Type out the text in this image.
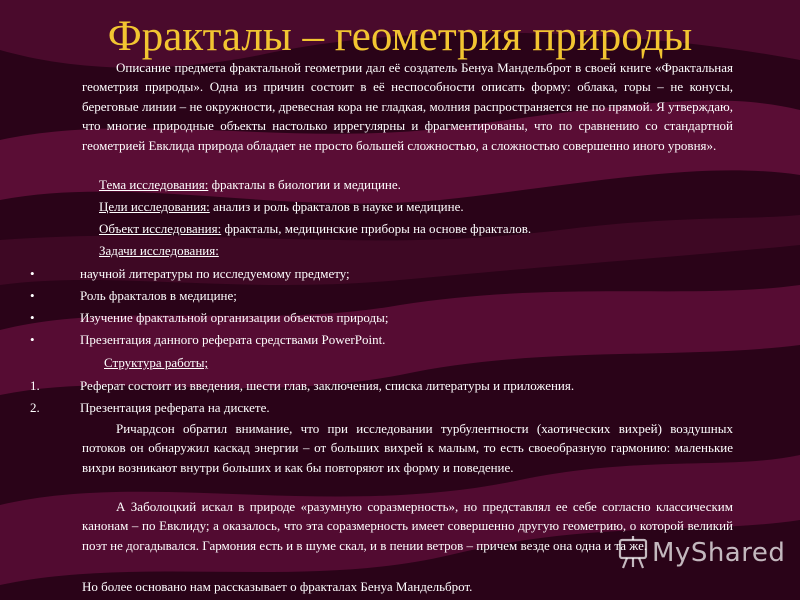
Фракталы – геометрия природы
Описание предмета фрактальной геометрии дал её создатель Бенуа Мандельброт в своей книге «Фрактальная геометрия природы». Одна из причин состоит в её неспособности описать форму: облака, горы – не конусы, береговые линии – не окружности, древесная кора не гладкая, молния распространяется не по прямой. Я утверждаю, что многие природные объекты настолько иррегулярны и фрагментированы, что по сравнению со стандартной геометрией Евклида природа обладает не просто большей сложностью, а сложностью совершенно иного уровня».
Тема исследования: фракталы в биологии и медицине.
Цели исследования: анализ и роль фракталов в науке и медицине.
Объект исследования: фракталы, медицинские приборы на основе фракталов.
Задачи исследования:
•	научной литературы по исследуемому предмету;
•	Роль фракталов в медицине;
•	Изучение фрактальной организации объектов природы;
•	Презентация данного реферата средствами PowerPoint.
Структура работы;
1.	Реферат состоит из введения, шести глав, заключения, списка литературы и приложения.
2.	Презентация реферата на дискете.
Ричардсон обратил внимание, что при исследовании турбулентности (хаотических вихрей) воздушных потоков он обнаружил каскад энергии – от больших вихрей к малым, то есть своеобразную гармонию: маленькие вихри возникают внутри больших и как бы повторяют их форму и поведение.
А Заболоцкий искал в природе «разумную соразмерность», но представлял ее себе согласно классическим канонам – по Евклиду; а оказалось, что эта соразмерность имеет совершенно другую геометрию, о которой великий поэт не догадывался. Гармония есть и в шуме скал, и в пении ветров – причем везде она одна и та же.
Но более основано нам рассказывает о фракталах Бенуа Мандельброт.
MyShared
